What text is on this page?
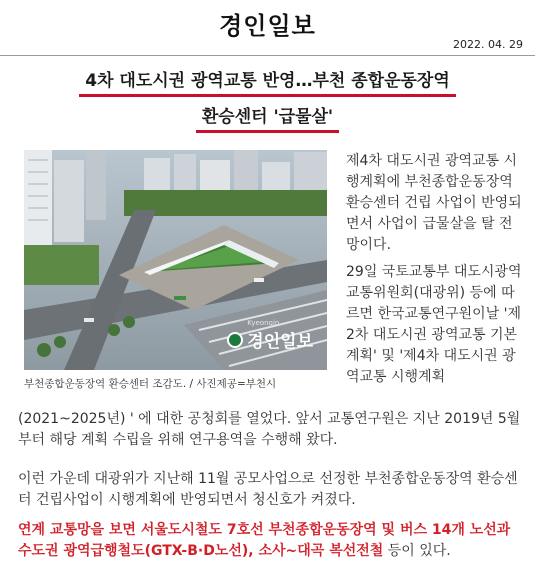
경인일보
2022. 04. 29
4차 대도시권 광역교통 반영…부천 종합운동장역
환승센터 '급물살'
Kyeongin
경인일보
부천종합운동장역 환승센터 조감도. / 사진제공=부천시

제4차 대도시권 광역교통 시행계획에 부천종합운동장역 환승센터 건립 사업이 반영되면서 사업이 급물살을 탈 전망이다.

29일 국토교통부 대도시광역교통위원회(대광위) 등에 따르면 한국교통연구원이날 '제2차 대도시권 광역교통 기본계획' 및 '제4차 대도시권 광역교통 시행계획

(2021~2025년) ' 에 대한 공청회를 열었다. 앞서 교통연구원은 지난 2019년 5월부터 해당 계획 수립을 위해 연구용역을 수행해 왔다.

이런 가운데 대광위가 지난해 11월 공모사업으로 선정한 부천종합운동장역 환승센터 건립사업이 시행계획에 반영되면서 청신호가 켜졌다.

연계 교통망을 보면 서울도시철도 7호선 부천종합운동장역 및 버스 14개 노선과 수도권 광역급행철도(GTX-B·D노선), 소사~대곡 복선전철 등이 있다.
